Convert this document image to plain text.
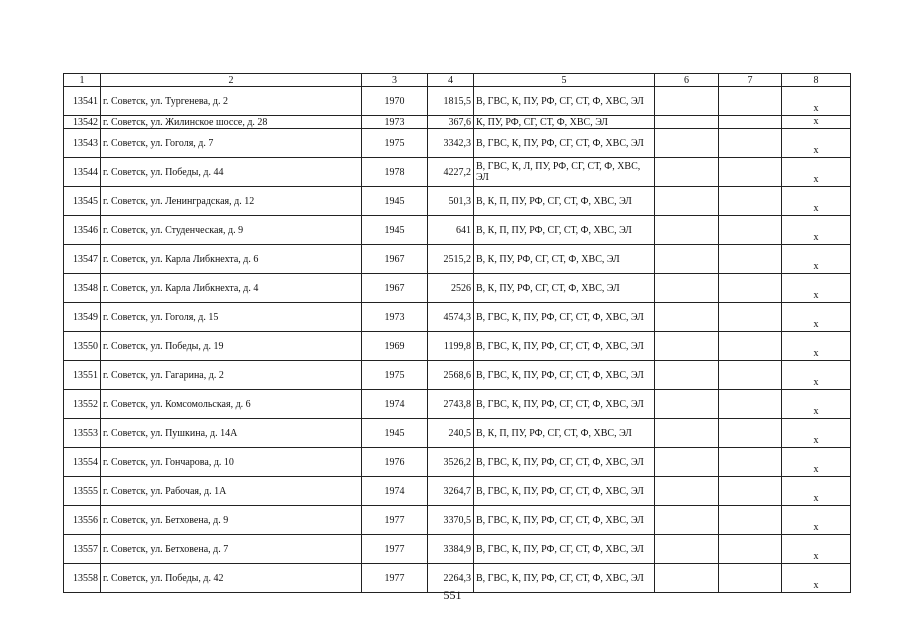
1	2	3	4	5	6	7	8
13541	г. Советск, ул. Тургенева, д. 2	1970	1815,5	В, ГВС, К, ПУ, РФ, СГ, СТ, Ф, ХВС, ЭЛ			x
13542	г. Советск, ул. Жилинское шоссе, д. 28	1973	367,6	К, ПУ, РФ, СГ, СТ, Ф, ХВС, ЭЛ			x
13543	г. Советск, ул. Гоголя, д. 7	1975	3342,3	В, ГВС, К, ПУ, РФ, СГ, СТ, Ф, ХВС, ЭЛ			x
13544	г. Советск, ул. Победы, д. 44	1978	4227,2	В, ГВС, К, Л, ПУ, РФ, СГ, СТ, Ф, ХВС, ЭЛ			x
13545	г. Советск, ул. Ленинградская, д. 12	1945	501,3	В, К, П, ПУ, РФ, СГ, СТ, Ф, ХВС, ЭЛ			x
13546	г. Советск, ул. Студенческая, д. 9	1945	641	В, К, П, ПУ, РФ, СГ, СТ, Ф, ХВС, ЭЛ			x
13547	г. Советск, ул. Карла Либкнехта, д. 6	1967	2515,2	В, К, ПУ, РФ, СГ, СТ, Ф, ХВС, ЭЛ			x
13548	г. Советск, ул. Карла Либкнехта, д. 4	1967	2526	В, К, ПУ, РФ, СГ, СТ, Ф, ХВС, ЭЛ			x
13549	г. Советск, ул. Гоголя, д. 15	1973	4574,3	В, ГВС, К, ПУ, РФ, СГ, СТ, Ф, ХВС, ЭЛ			x
13550	г. Советск, ул. Победы, д. 19	1969	1199,8	В, ГВС, К, ПУ, РФ, СГ, СТ, Ф, ХВС, ЭЛ			x
13551	г. Советск, ул. Гагарина, д. 2	1975	2568,6	В, ГВС, К, ПУ, РФ, СГ, СТ, Ф, ХВС, ЭЛ			x
13552	г. Советск, ул. Комсомольская, д. 6	1974	2743,8	В, ГВС, К, ПУ, РФ, СГ, СТ, Ф, ХВС, ЭЛ			x
13553	г. Советск, ул. Пушкина, д. 14А	1945	240,5	В, К, П, ПУ, РФ, СГ, СТ, Ф, ХВС, ЭЛ			x
13554	г. Советск, ул. Гончарова, д. 10	1976	3526,2	В, ГВС, К, ПУ, РФ, СГ, СТ, Ф, ХВС, ЭЛ			x
13555	г. Советск, ул. Рабочая, д. 1А	1974	3264,7	В, ГВС, К, ПУ, РФ, СГ, СТ, Ф, ХВС, ЭЛ			x
13556	г. Советск, ул. Бетховена, д. 9	1977	3370,5	В, ГВС, К, ПУ, РФ, СГ, СТ, Ф, ХВС, ЭЛ			x
13557	г. Советск, ул. Бетховена, д. 7	1977	3384,9	В, ГВС, К, ПУ, РФ, СГ, СТ, Ф, ХВС, ЭЛ			x
13558	г. Советск, ул. Победы, д. 42	1977	2264,3	В, ГВС, К, ПУ, РФ, СГ, СТ, Ф, ХВС, ЭЛ			x
551
